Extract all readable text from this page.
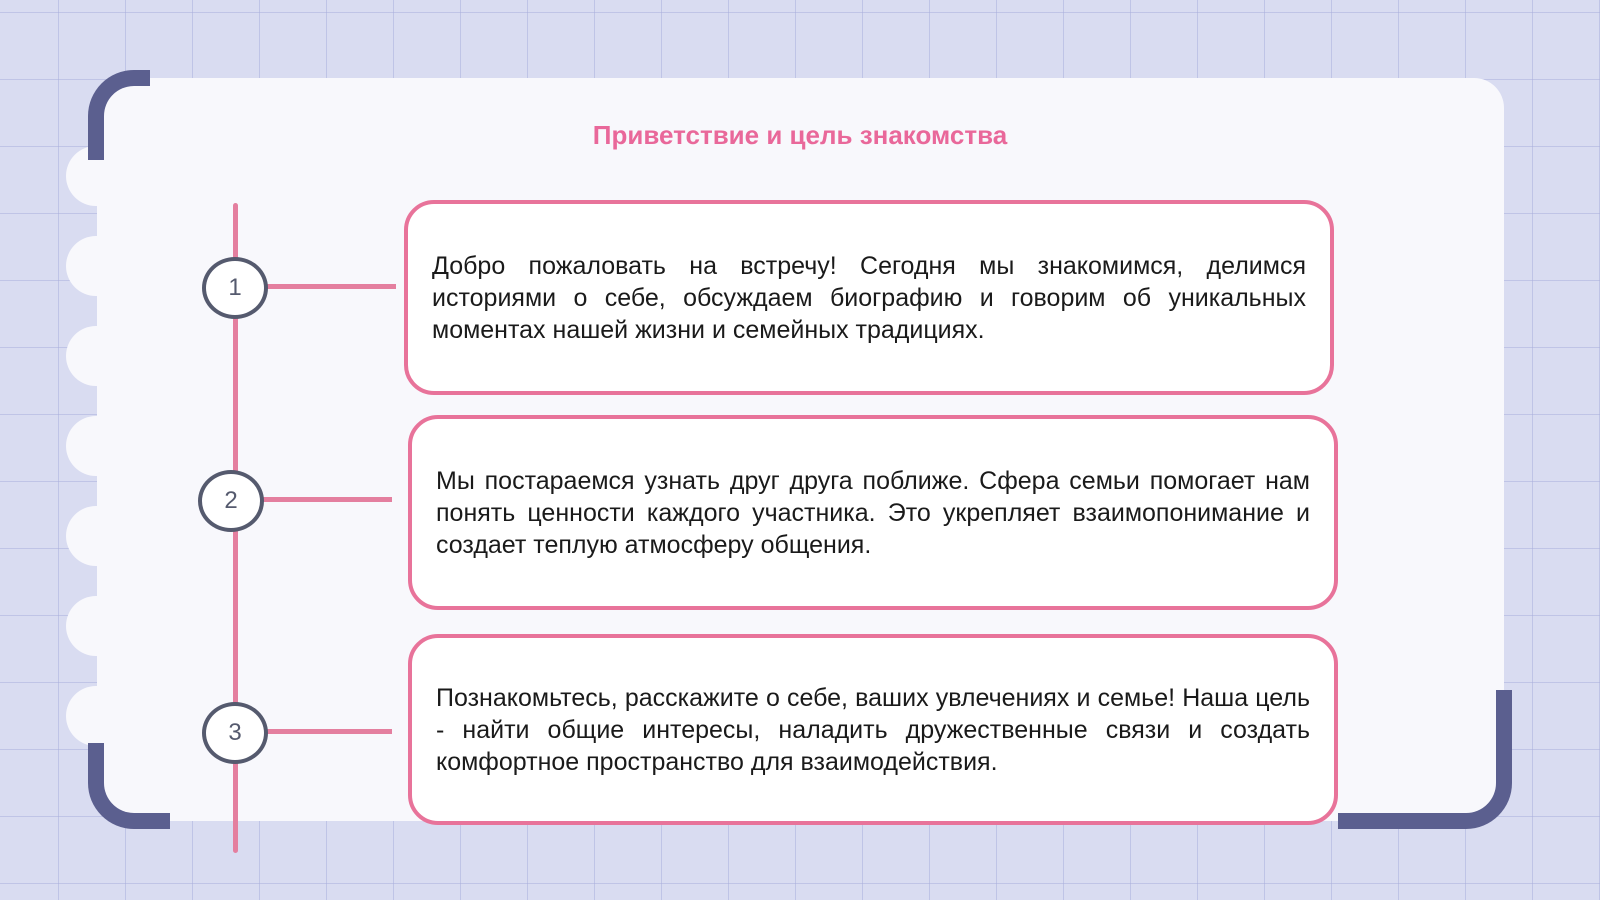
Приветствие и цель знакомства
1

Добро пожаловать на встречу! Сегодня мы знакомимся, делимся историями о себе, обсуждаем биографию и говорим об уникальных моментах нашей жизни и семейных традициях.

2

Мы постараемся узнать друг друга поближе. Сфера семьи помогает нам понять ценности каждого участника. Это укрепляет взаимопонимание и создает теплую атмосферу общения.

3

Познакомьтесь, расскажите о себе, ваших увлечениях и семье! Наша цель - найти общие интересы, наладить дружественные связи и создать комфортное пространство для взаимодействия.
